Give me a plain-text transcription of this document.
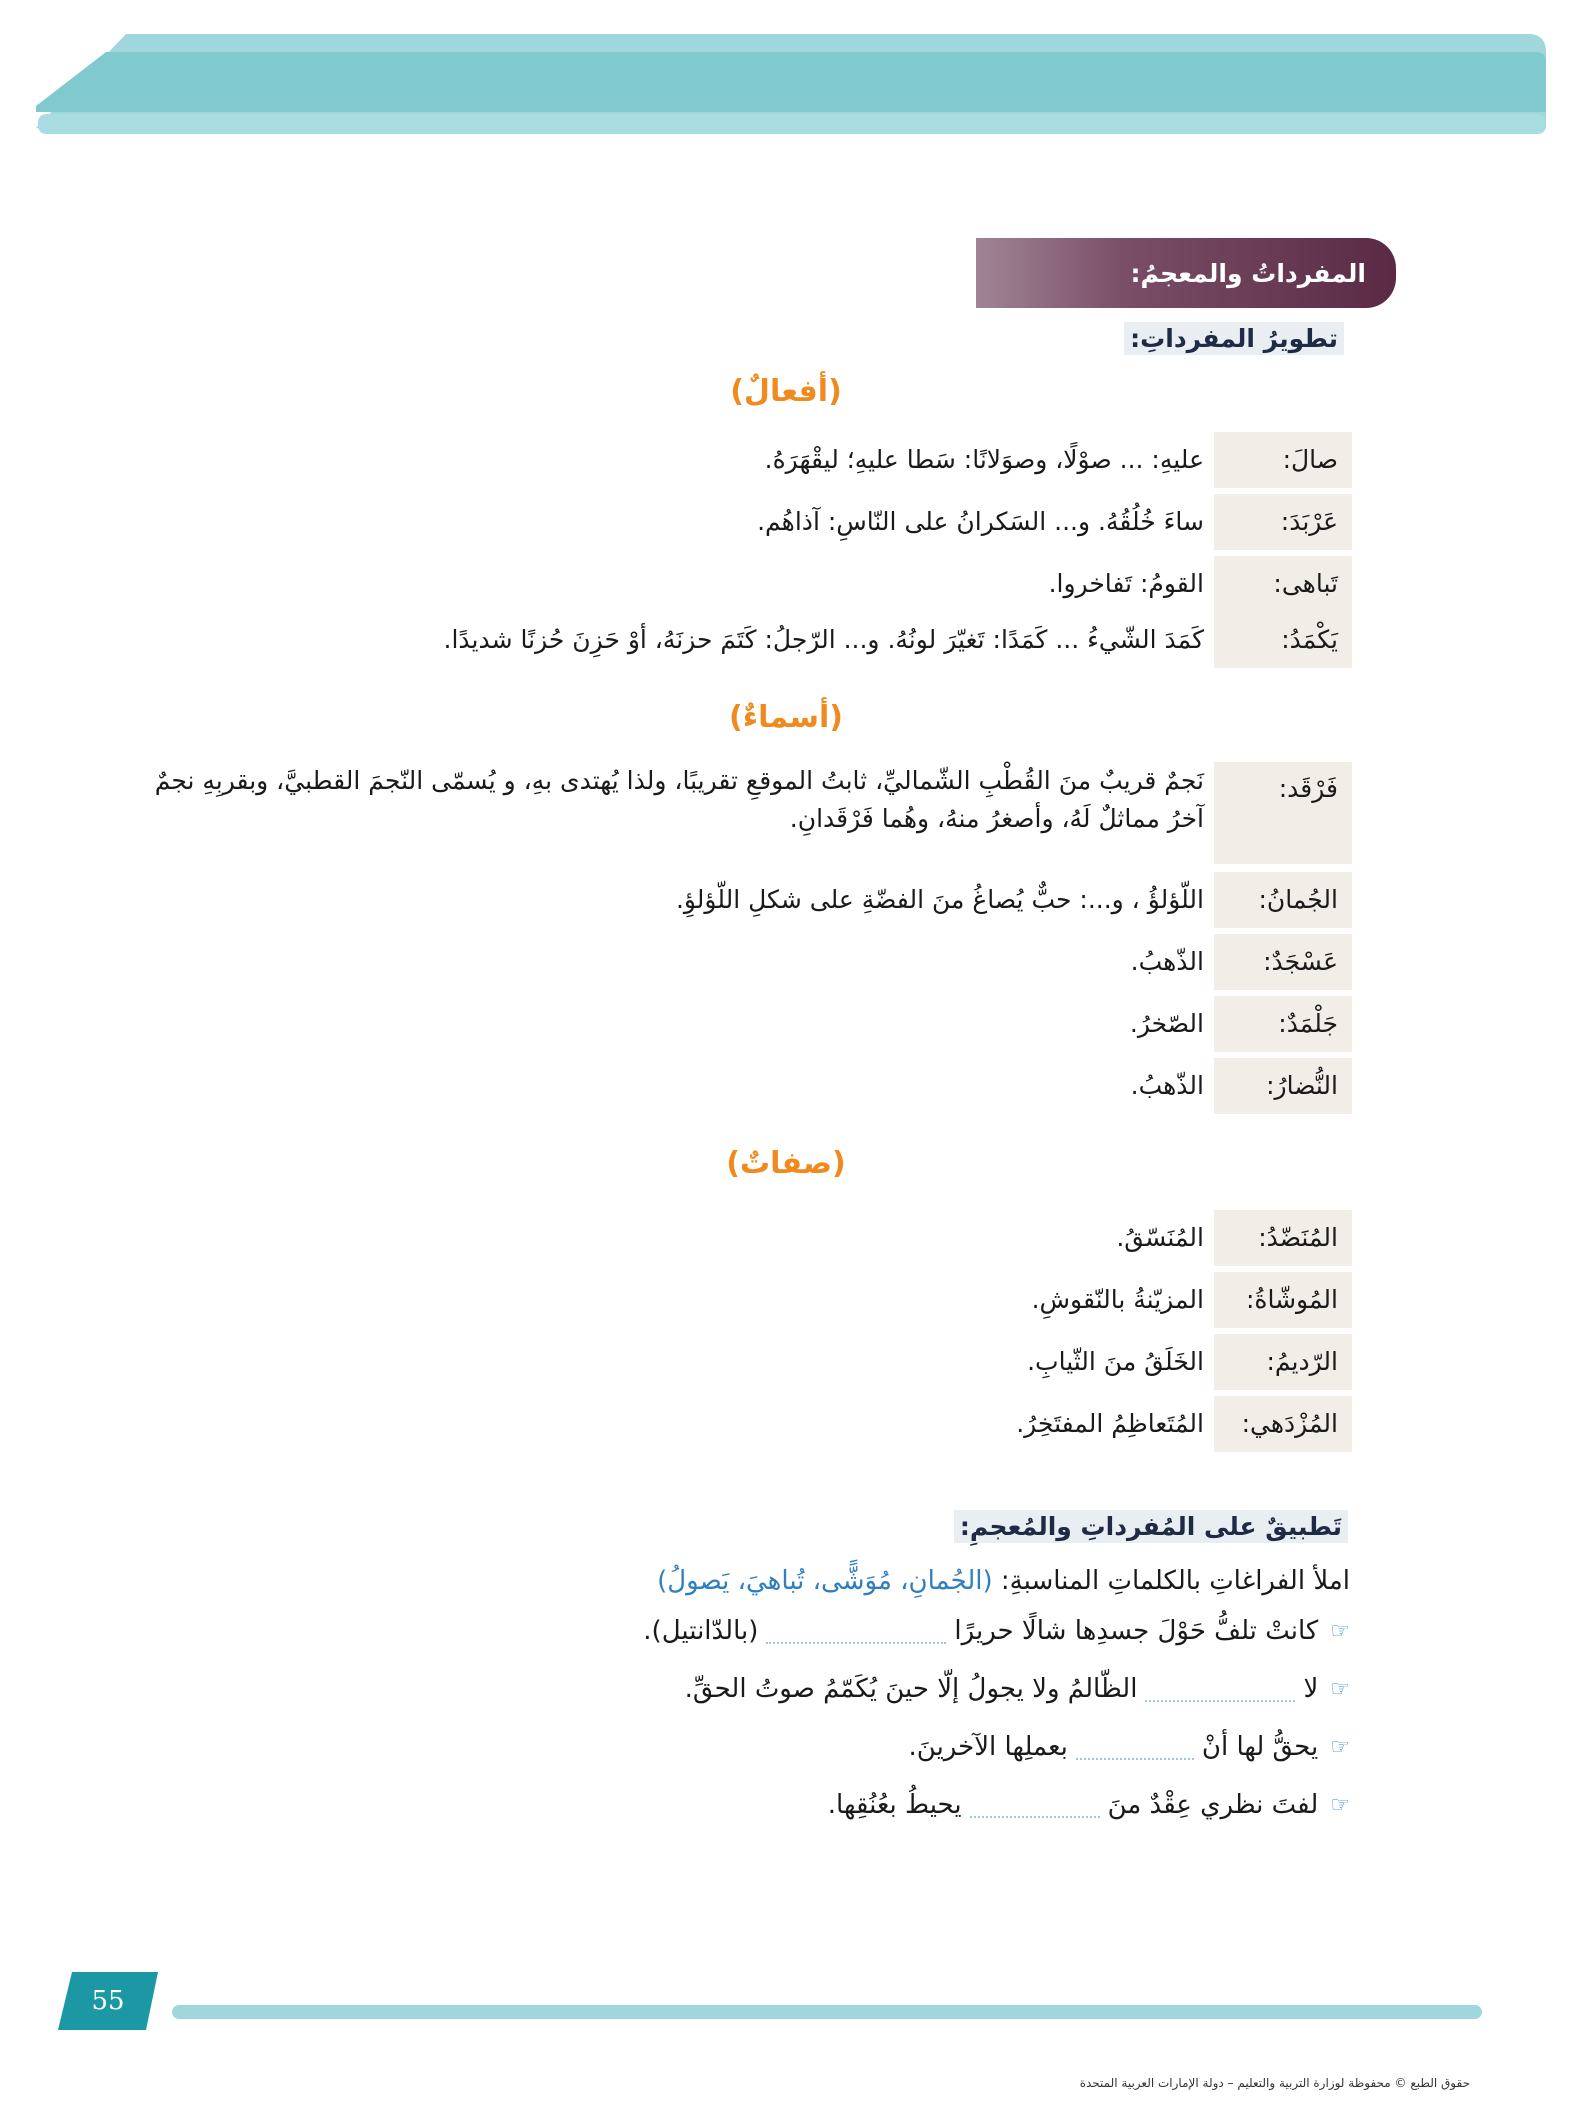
المفرداتُ والمعجمُ:
تطويرُ المفرداتِ:
(أفعالٌ)
صالَ:
عليهِ: ... صوْلًا، وصوَلانًا: سَطا عليهِ؛ ليقْهَرَهُ.
عَرْبَدَ:
ساءَ خُلُقُهُ. و... السَكرانُ على النّاسِ: آذاهُم.
تَباهى:
القومُ: تَفاخروا.
يَكْمَدُ:
كَمَدَ الشّيءُ ... كَمَدًا: تَغيّرَ لونُهُ. و... الرّجلُ: كَتَمَ حزنَهُ، أوْ حَزِنَ حُزنًا شديدًا.
(أسماءٌ)
فَرْقَد:
نَجمٌ قريبٌ منَ القُطْبِ الشّماليِّ، ثابتُ الموقعِ تقريبًا، ولذا يُهتدى بهِ، و يُسمّى النّجمَ القطبيَّ، وبقربِهِ نجمٌ آخرُ مماثلٌ لَهُ، وأصغرُ منهُ، وهُما فَرْقَدانِ.
الجُمانُ:
اللّؤلؤُ ، و...: حبٌّ يُصاغُ منَ الفضّةِ على شكلِ اللّؤلؤِ.
عَسْجَدٌ:
الذّهبُ.
جَلْمَدٌ:
الصّخرُ.
النُّضارُ:
الذّهبُ.
(صفاتٌ)
المُنَضّدُ:
المُنَسّقُ.
المُوشّاةُ:
المزيّنةُ بالنّقوشِ.
الرّديمُ:
الخَلَقُ منَ الثّيابِ.
المُزْدَهي:
المُتَعاظِمُ المفتَخِرُ.
تَطبيقٌ على المُفرداتِ والمُعجمِ:
املأ الفراغاتِ بالكلماتِ المناسبةِ: (الجُمانِ، مُوَشًّى، تُباهيَ، يَصولُ)
☞
كانتْ تلفُّ حَوْلَ جسدِها شالًا حريرًا
(بالدّانتيل).
☞
لا
الظّالمُ ولا يجولُ إلّا حينَ يُكَمّمُ صوتُ الحقِّ.
☞
يحقُّ لها أنْ
بعملِها الآخرينَ.
☞
لفتَ نظري عِقْدٌ منَ
يحيطُ بعُنُقِها.
55
حقوق الطبع © محفوظة لوزارة التربية والتعليم – دولة الإمارات العربية المتحدة
